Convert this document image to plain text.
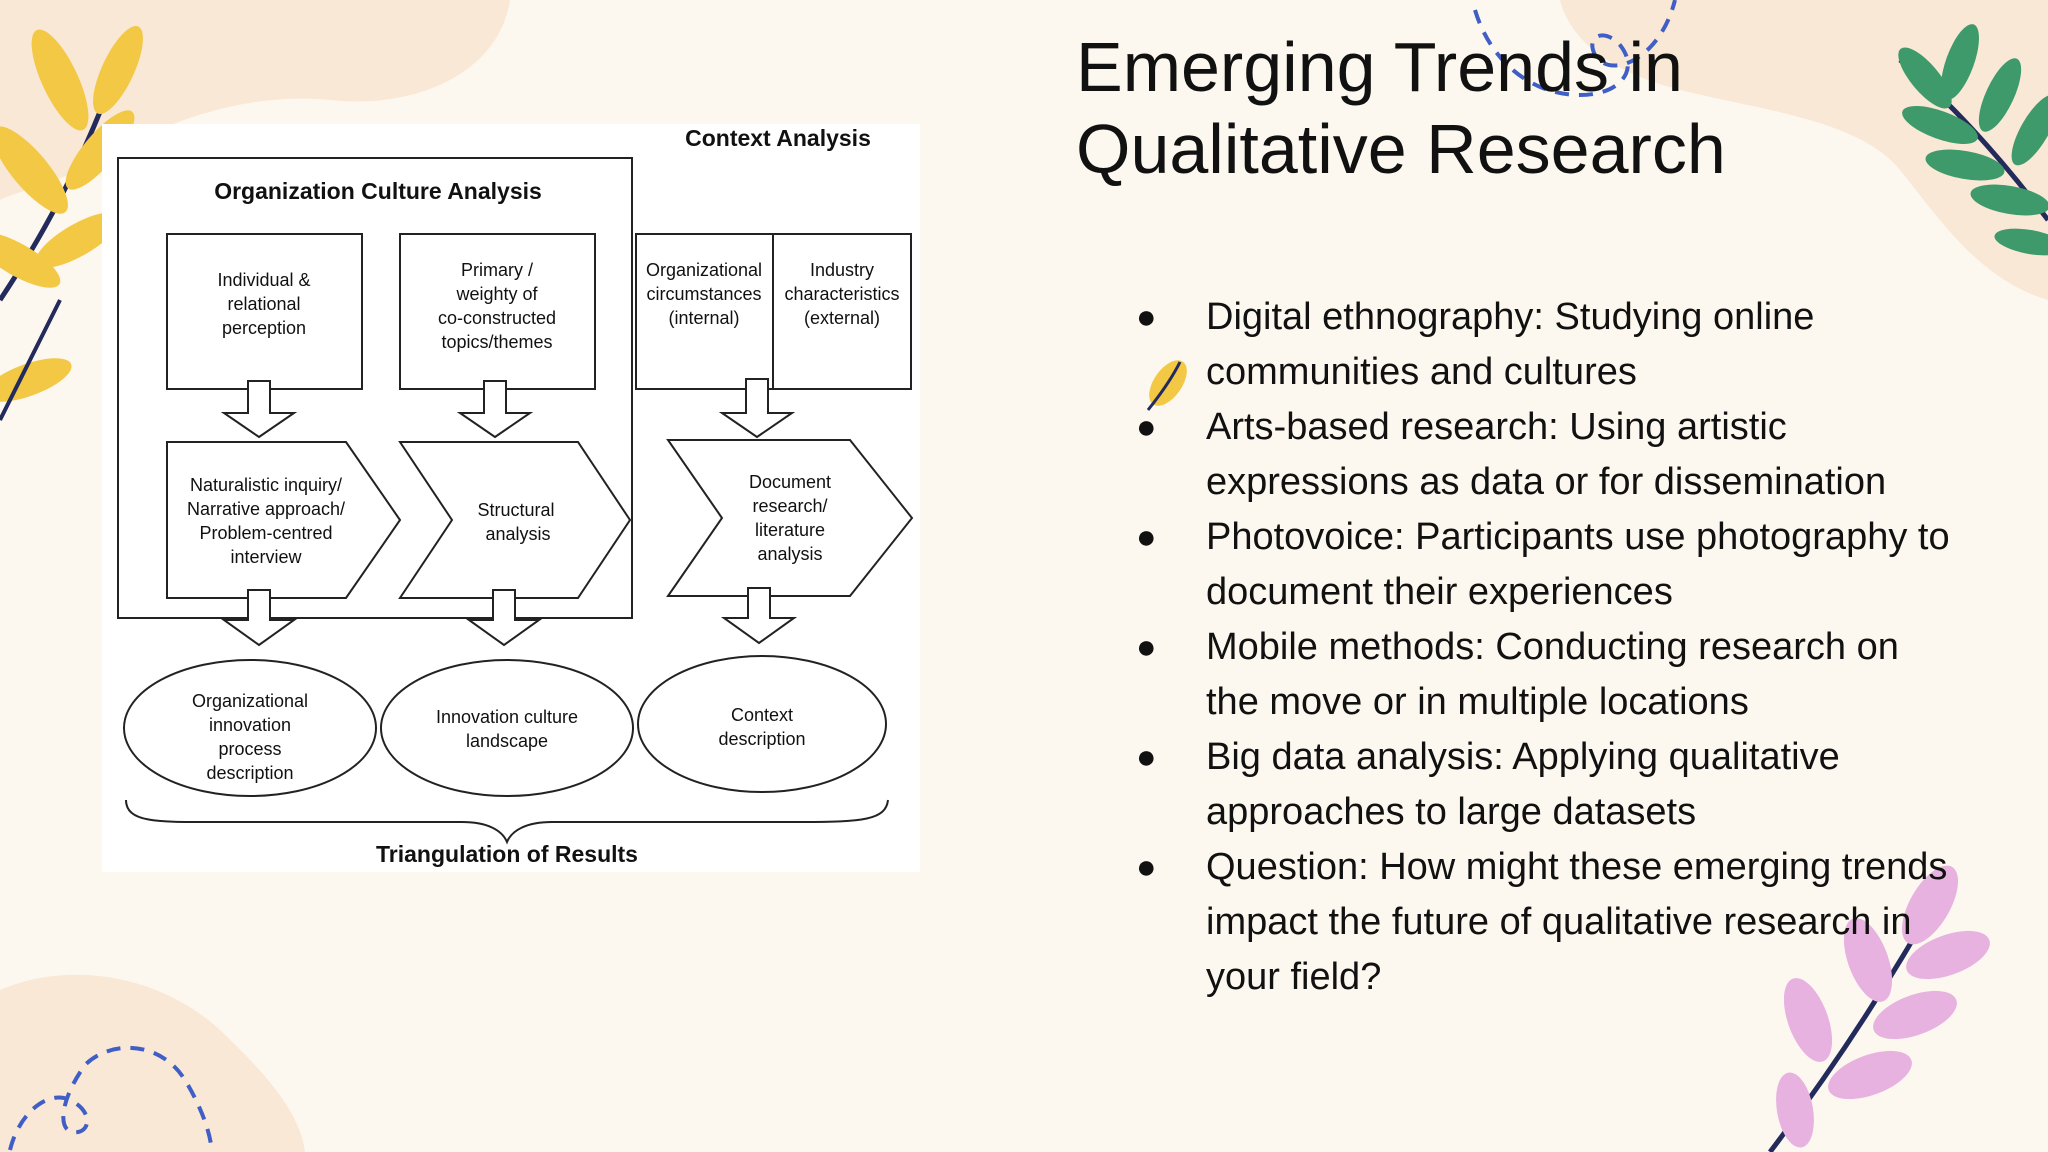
Emerging Trends in
Qualitative Research
● Digital ethnography: Studying online communities and cultures
● Arts-based research: Using artistic expressions as data or for dissemination
● Photovoice: Participants use photography to document their experiences
● Mobile methods: Conducting research on the move or in multiple locations
● Big data analysis: Applying qualitative approaches to large datasets
● Question: How might these emerging trends impact the future of qualitative research in your field?
Context Analysis
Organization Culture Analysis
Triangulation of Results
Individual &
relational
perception
Primary /
weighty of
co-constructed
topics/themes
Organizational
circumstances
(internal)
Industry
characteristics
(external)
Naturalistic inquiry/
Narrative approach/
Problem-centred
interview
Structural
analysis
Document
research/
literature
analysis
Organizational
innovation
process
description
Innovation culture
landscape
Context
description
